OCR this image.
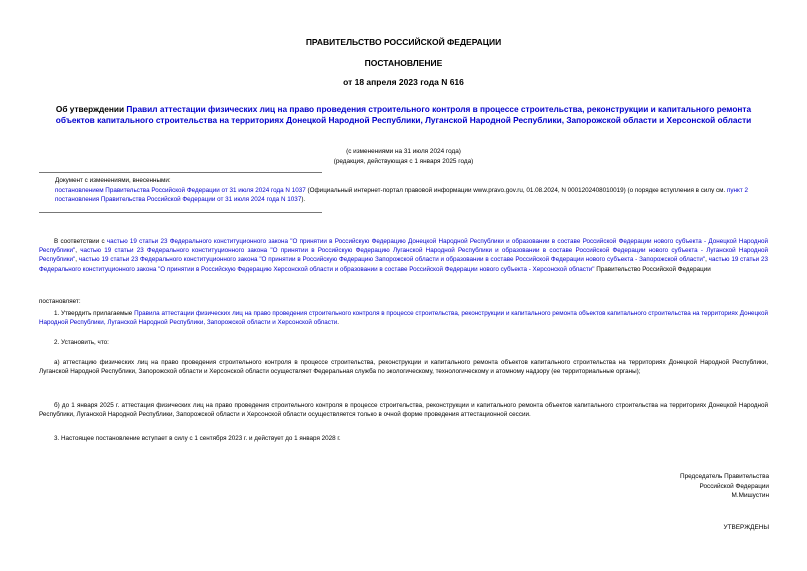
ПРАВИТЕЛЬСТВО РОССИЙСКОЙ ФЕДЕРАЦИИ
ПОСТАНОВЛЕНИЕ
от 18 апреля 2023 года N 616
Об утверждении Правил аттестации физических лиц на право проведения строительного контроля в процессе строительства, реконструкции и капитального ремонта объектов капитального строительства на территориях Донецкой Народной Республики, Луганской Народной Республики, Запорожской области и Херсонской области
(с изменениями на 31 июля 2024 года)
(редакция, действующая с 1 января 2025 года)
Документ с изменениями, внесенными:
постановлением Правительства Российской Федерации от 31 июля 2024 года N 1037 (Официальный интернет-портал правовой информации www.pravo.gov.ru, 01.08.2024, N 0001202408010019) (о порядке вступления в силу см. пункт 2 постановления Правительства Российской Федерации от 31 июля 2024 года N 1037).
В соответствии с частью 19 статьи 23 Федерального конституционного закона "О принятии в Российскую Федерацию Донецкой Народной Республики и образовании в составе Российской Федерации нового субъекта - Донецкой Народной Республики", частью 19 статьи 23 Федерального конституционного закона "О принятии в Российскую Федерацию Луганской Народной Республики и образовании в составе Российской Федерации нового субъекта - Луганской Народной Республики", частью 19 статьи 23 Федерального конституционного закона "О принятии в Российскую Федерацию Запорожской области и образовании в составе Российской Федерации нового субъекта - Запорожской области", частью 19 статьи 23 Федерального конституционного закона "О принятии в Российскую Федерацию Херсонской области и образовании в составе Российской Федерации нового субъекта - Херсонской области" Правительство Российской Федерации
постановляет:
1. Утвердить прилагаемые Правила аттестации физических лиц на право проведения строительного контроля в процессе строительства, реконструкции и капитального ремонта объектов капитального строительства на территориях Донецкой Народной Республики, Луганской Народной Республики, Запорожской области и Херсонской области.
2. Установить, что:
а) аттестацию физических лиц на право проведения строительного контроля в процессе строительства, реконструкции и капитального ремонта объектов капитального строительства на территориях Донецкой Народной Республики, Луганской Народной Республики, Запорожской области и Херсонской области осуществляет Федеральная служба по экологическому, технологическому и атомному надзору (ее территориальные органы);
б) до 1 января 2025 г. аттестация физических лиц на право проведения строительного контроля в процессе строительства, реконструкции и капитального ремонта объектов капитального строительства на территориях Донецкой Народной Республики, Луганской Народной Республики, Запорожской области и Херсонской области осуществляется только в очной форме проведения аттестационной сессии.
3. Настоящее постановление вступает в силу с 1 сентября 2023 г. и действует до 1 января 2028 г.
Председатель Правительства
Российской Федерации
М.Мишустин
УТВЕРЖДЕНЫ
